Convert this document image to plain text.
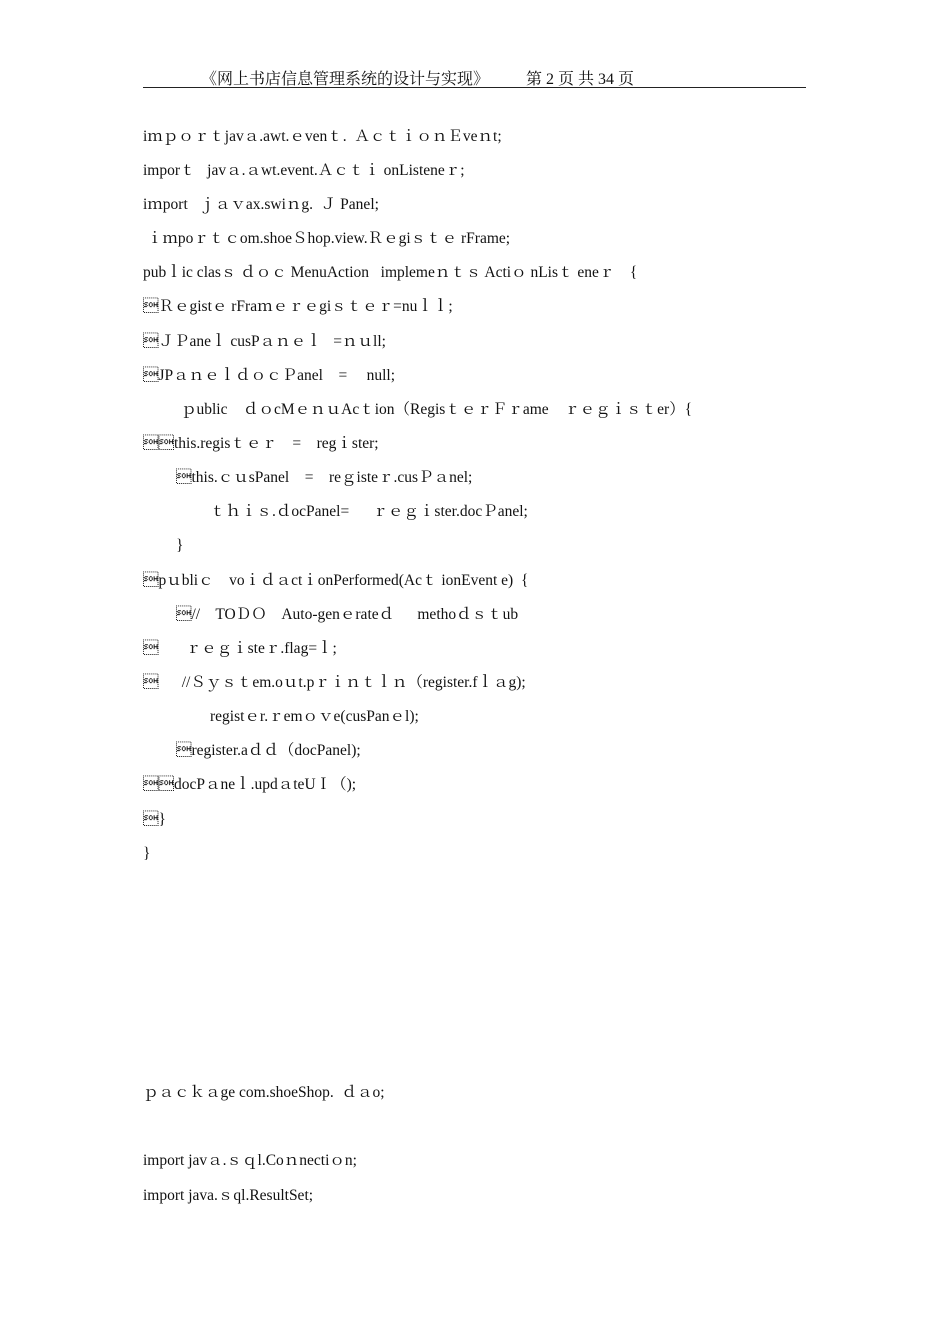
《网上书店信息管理系统的设计与实现》 第 2 页 共 34 页
iｍｐｏｒｔjavａ.awt.ｅvenｔ.  ＡｃｔｉｏｎＥveｎt;
imporｔ   javａ.ａwt.event.Ａｃｔｉ onListeneｒ;
iｍport   ｊａｖax.swiｎg.  Ｊ Panel;
ｉｍpoｒｔｃom.shoeＳhop.view.Ｒｅgiｓｔｅ rFrame;
pubｌic clasｓ ｄｏｃ MenuAction   implemeｎｔｓ Actiｏ nLisｔ eneｒ    {
Ｒｅgistｅ rFraｍｅｒｅgiｓｔｅｒ=nuｌｌ;
ＪＰaneｌ cusPａｎｅｌ   =ｎｕll;
JPａｎｅｌｄｏｃＰanel    =     null;
ｐublic    ｄｏcMｅｎｕAcｔion（RegisｔｅｒＦｒame    ｒｅｇｉｓｔer）{
this.regisｔｅｒ    =    regｉster;
this.ｃｕsPanel    =    reｇisteｒ.cusＰａnel;
ｔｈｉｓ.ｄocPanel=      ｒｅｇｉster.docＰanel;
}
pｕbliｃ    voｉｄａctｉonPerformed(Acｔ ionEvent e)  {
//    TOＤＯ    Auto-genｅrateｄ      methoｄｓｔub
       ｒｅｇｉsteｒ.flag=ｌ;
      //Ｓｙｓｔem.oｕt.pｒｉｎｔｌｎ（register.fｌａg);
registｅr.ｒemｏｖe(cusPanｅl);
register.aｄｄ（docPanel);
docPａneｌ.updａteUＩ（);
}
}
ｐａｃｋａge com.shoeShop.  ｄａo;
import javａ.ｓｑl.Coｎnectiｏn;
import java.ｓql.ResultSet;
